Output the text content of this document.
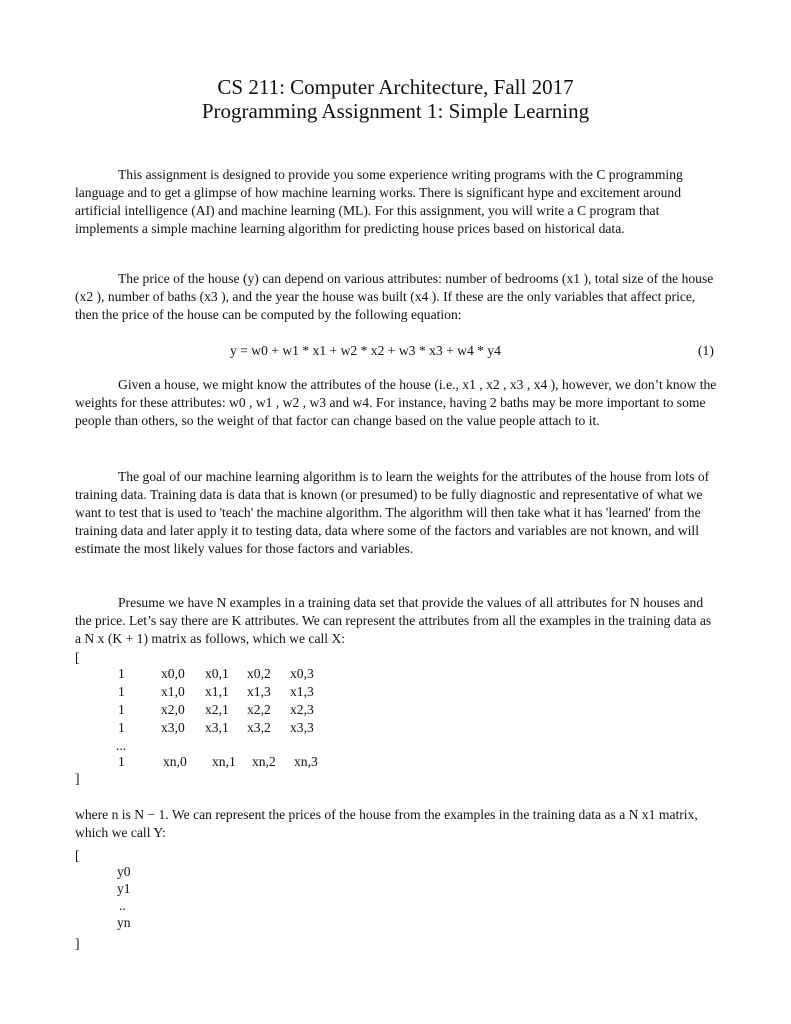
CS 211: Computer Architecture, Fall 2017
Programming Assignment 1: Simple Learning

This assignment is designed to provide you some experience writing programs with the C programming language and to get a glimpse of how machine learning works. There is significant hype and excitement around artificial intelligence (AI) and machine learning (ML). For this assignment, you will write a C program that implements a simple machine learning algorithm for predicting house prices based on historical data.

The price of the house (y) can depend on various attributes: number of bedrooms (x1 ), total size of the house (x2 ), number of baths (x3 ), and the year the house was built (x4 ). If these are the only variables that affect price, then the price of the house can be computed by the following equation:

y = w0 + w1 * x1 + w2 * x2 + w3 * x3 + w4 * y4	(1)

Given a house, we might know the attributes of the house (i.e., x1 , x2 , x3 , x4 ), however, we don’t know the weights for these attributes: w0 , w1 , w2 , w3 and w4. For instance, having 2 baths may be more important to some people than others, so the weight of that factor can change based on the value people attach to it.

The goal of our machine learning algorithm is to learn the weights for the attributes of the house from lots of training data. Training data is data that is known (or presumed) to be fully diagnostic and representative of what we want to test that is used to 'teach' the machine algorithm. The algorithm will then take what it has 'learned' from the training data and later apply it to testing data, data where some of the factors and variables are not known, and will estimate the most likely values for those factors and variables.

Presume we have N examples in a training data set that provide the values of all attributes for N houses and the price. Let’s say there are K attributes. We can represent the attributes from all the examples in the training data as a N x (K + 1) matrix as follows, which we call X:

[
1	x0,0 x0,1 x0,2 x0,3
1	x1,0 x1,1 x1,3 x1,3
1	x2,0 x2,1 x2,2 x2,3
1	x3,0 x3,1 x3,2 x3,3
...
1	xn,0 xn,1 xn,2 xn,3
]

where n is N − 1. We can represent the prices of the house from the examples in the training data as a N x1 matrix, which we call Y:

[
y0
y1
..
yn
]
